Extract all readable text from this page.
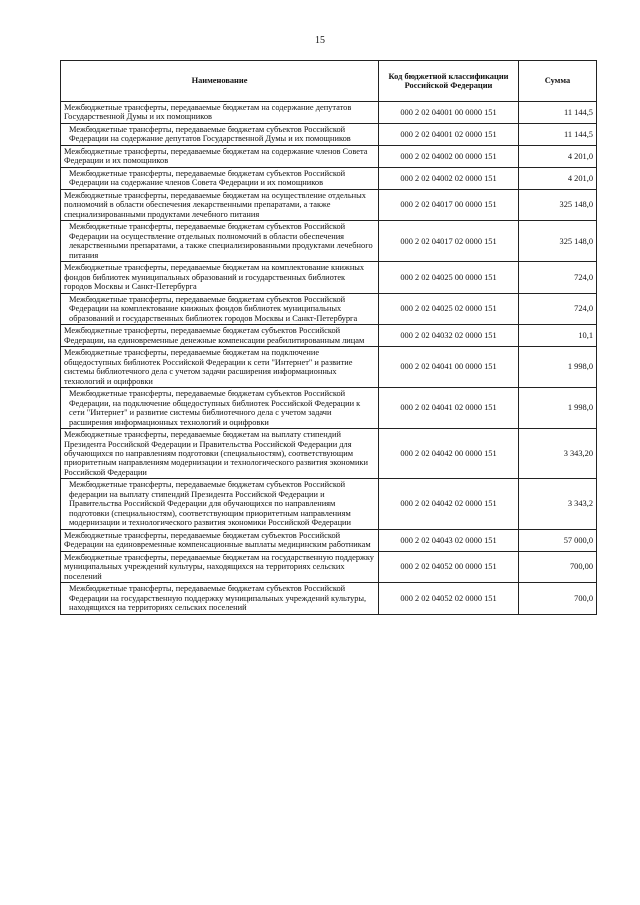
15
Наименование	Код бюджетной классификации Российской Федерации	Сумма
Межбюджетные трансферты, передаваемые бюджетам на содержание депутатов Государственной Думы и их помощников	000 2 02 04001 00 0000 151	11 144,5
Межбюджетные трансферты, передаваемые бюджетам субъектов Российской Федерации на содержание депутатов Государственной Думы и их помощников	000 2 02 04001 02 0000 151	11 144,5
Межбюджетные трансферты, передаваемые бюджетам на содержание членов Совета Федерации и их помощников	000 2 02 04002 00 0000 151	4 201,0
Межбюджетные трансферты, передаваемые бюджетам субъектов Российской Федерации на содержание членов Совета Федерации и их помощников	000 2 02 04002 02 0000 151	4 201,0
Межбюджетные трансферты, передаваемые бюджетам на осуществление отдельных полномочий в области обеспечения лекарственными препаратами, а также специализированными продуктами лечебного питания	000 2 02 04017 00 0000 151	325 148,0
Межбюджетные трансферты, передаваемые бюджетам субъектов Российской Федерации на осуществление отдельных полномочий в области обеспечения лекарственными препаратами, а также специализированными продуктами лечебного питания	000 2 02 04017 02 0000 151	325 148,0
Межбюджетные трансферты, передаваемые бюджетам на комплектование книжных фондов библиотек муниципальных образований и государственных библиотек городов Москвы и Санкт-Петербурга	000 2 02 04025 00 0000 151	724,0
Межбюджетные трансферты, передаваемые бюджетам субъектов Российской Федерации на комплектование книжных фондов библиотек муниципальных образований и государственных библиотек городов Москвы и Санкт-Петербурга	000 2 02 04025 02 0000 151	724,0
Межбюджетные трансферты, передаваемые бюджетам субъектов Российской Федерации, на единовременные денежные компенсации реабилитированным лицам	000 2 02 04032 02 0000 151	10,1
Межбюджетные трансферты, передаваемые бюджетам на подключение общедоступных библиотек Российской Федерации к сети "Интернет" и развитие системы библиотечного дела с учетом задачи расширения информационных технологий и оцифровки	000 2 02 04041 00 0000 151	1 998,0
Межбюджетные трансферты, передаваемые бюджетам субъектов Российской Федерации, на подключение общедоступных библиотек Российской Федерации к сети "Интернет" и развитие системы библиотечного дела с учетом задачи расширения информационных технологий и оцифровки	000 2 02 04041 02 0000 151	1 998,0
Межбюджетные трансферты, передаваемые бюджетам на выплату стипендий Президента Российской Федерации и Правительства Российской Федерации для обучающихся по направлениям подготовки (специальностям), соответствующим приоритетным направлениям модернизации и технологического развития экономики Российской Федерации	000 2 02 04042 00 0000 151	3 343,20
Межбюджетные трансферты, передаваемые бюджетам субъектов Российской федерации на выплату стипендий Президента Российской Федерации и Правительства Российской Федерации для обучающихся по направлениям подготовки (специальностям), соответствующим приоритетным направлениям модернизации и технологического развития экономики Российской Федерации	000 2 02 04042 02 0000 151	3 343,2
Межбюджетные трансферты, передаваемые бюджетам субъектов Российской Федерации на единовременные компенсационные выплаты медицинским работникам	000 2 02 04043 02 0000 151	57 000,0
Межбюджетные трансферты, передаваемые бюджетам на государственную поддержку муниципальных учреждений культуры, находящихся на территориях сельских поселений	000 2 02 04052 00 0000 151	700,00
Межбюджетные трансферты, передаваемые бюджетам субъектов Российской Федерации на государственную поддержку муниципальных учреждений культуры, находящихся на территориях сельских поселений	000 2 02 04052 02 0000 151	700,0
